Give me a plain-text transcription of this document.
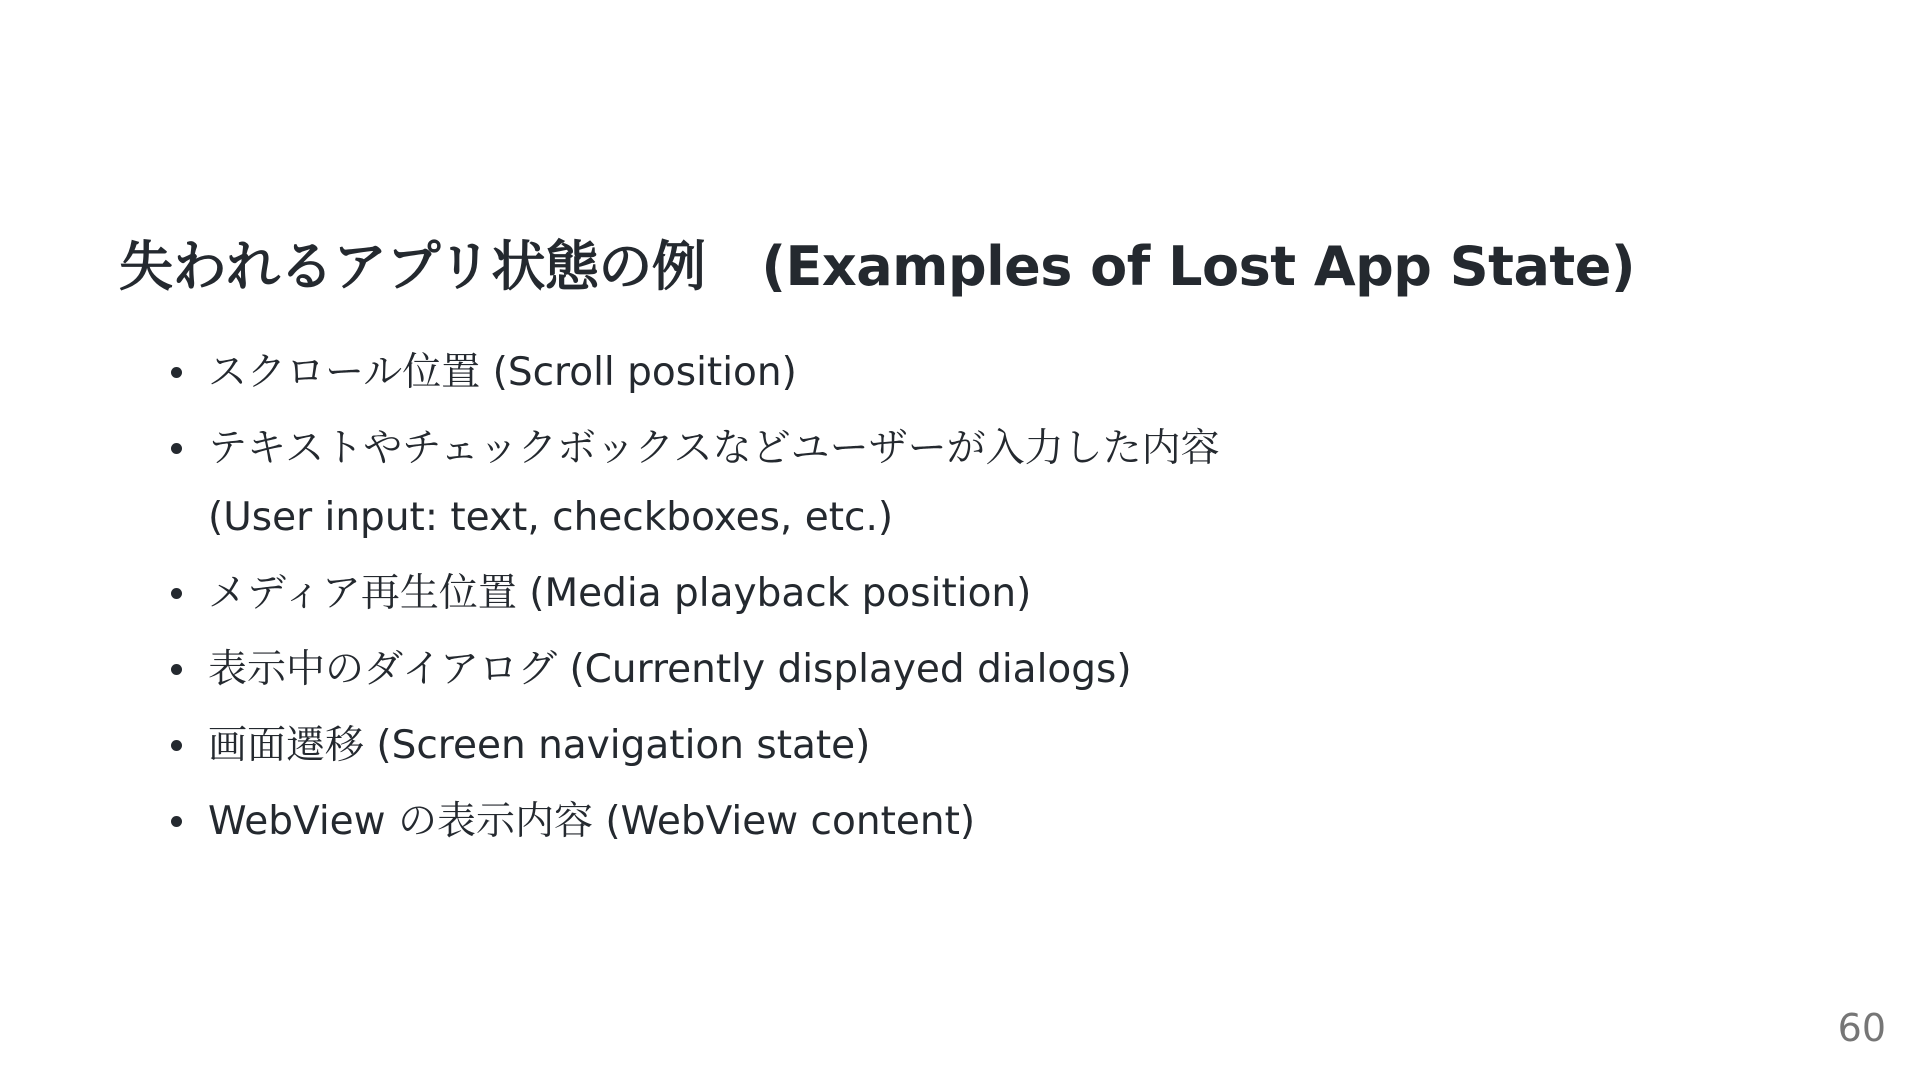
失われるアプリ状態の例 (Examples of Lost App State)
スクロール位置 (Scroll position)
テキストやチェックボックスなどユーザーが入力した内容
(User input: text, checkboxes, etc.)
メディア再生位置 (Media playback position)
表示中のダイアログ (Currently displayed dialogs)
画面遷移 (Screen navigation state)
WebView の表示内容 (WebView content)
60
